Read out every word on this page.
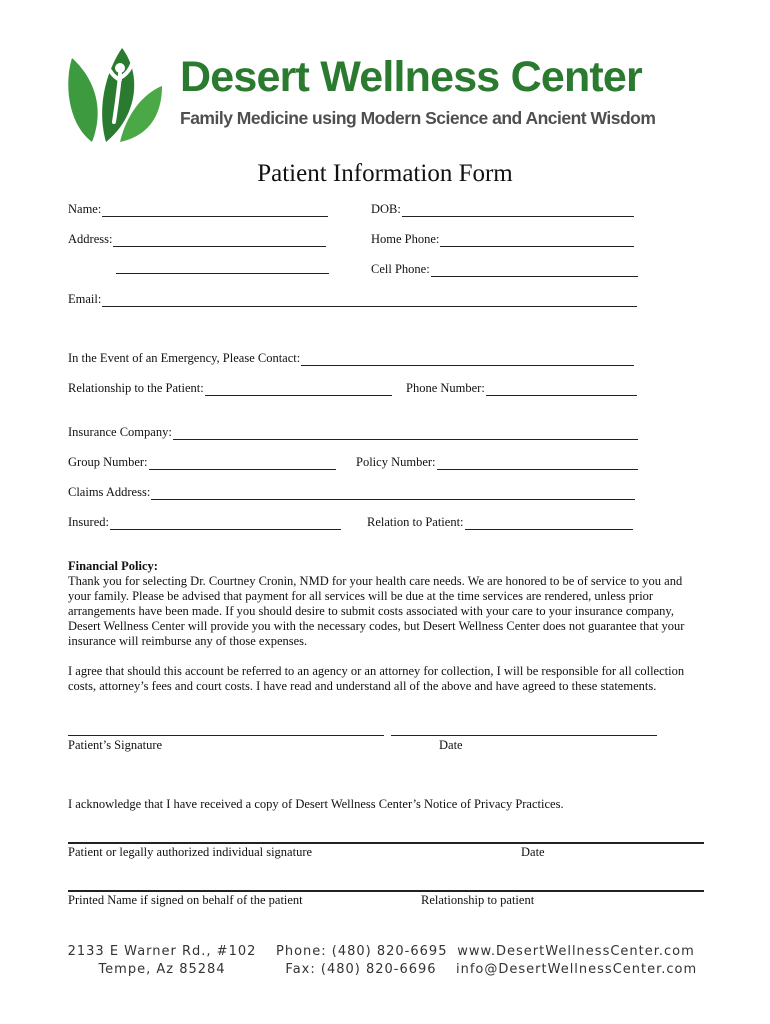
Desert Wellness Center
Family Medicine using Modern Science and Ancient Wisdom
Patient Information Form
Name:	DOB:
Address:	Home Phone:
Cell Phone:
Email:
In the Event of an Emergency, Please Contact:
Relationship to the Patient:	Phone Number:
Insurance Company:
Group Number:	Policy Number:
Claims Address:
Insured:	Relation to Patient:
Financial Policy:
Thank you for selecting Dr. Courtney Cronin, NMD for your health care needs. We are honored to be of service to you and your family. Please be advised that payment for all services will be due at the time services are rendered, unless prior arrangements have been made. If you should desire to submit costs associated with your care to your insurance company, Desert Wellness Center will provide you with the necessary codes, but Desert Wellness Center does not guarantee that your insurance will reimburse any of those expenses.
I agree that should this account be referred to an agency or an attorney for collection, I will be responsible for all collection costs, attorney’s fees and court costs. I have read and understand all of the above and have agreed to these statements.
Patient’s Signature	Date
I acknowledge that I have received a copy of Desert Wellness Center’s Notice of Privacy Practices.
Patient or legally authorized individual signature	Date
Printed Name if signed on behalf of the patient	Relationship to patient
2133 E Warner Rd., #102
Tempe, Az 85284
Phone: (480) 820-6695
Fax: (480) 820-6696
www.DesertWellnessCenter.com
info@DesertWellnessCenter.com
